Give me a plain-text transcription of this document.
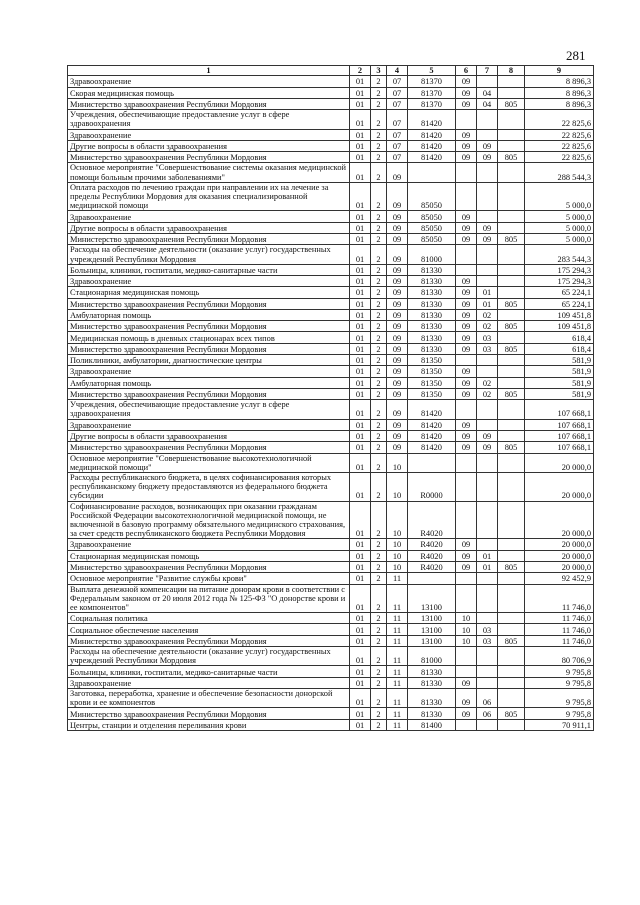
281
1	2	3	4	5	6	7	8	9
Здравоохранение	01	2	07	81370	09			8 896,3
Скорая медицинская помощь	01	2	07	81370	09	04		8 896,3
Министерство здравоохранения Республики Мордовия	01	2	07	81370	09	04	805	8 896,3
Учреждения, обеспечивающие предоставление услуг в сфере здравоохранения	01	2	07	81420				22 825,6
Здравоохранение	01	2	07	81420	09			22 825,6
Другие вопросы в области здравоохранения	01	2	07	81420	09	09		22 825,6
Министерство здравоохранения Республики Мордовия	01	2	07	81420	09	09	805	22 825,6
Основное мероприятие "Совершенствование системы оказания медицинской помощи больным прочими заболеваниями"	01	2	09					288 544,3
Оплата расходов по лечению граждан при направлении их на лечение за пределы Республики Мордовия для оказания специализированной медицинской помощи	01	2	09	85050				5 000,0
Здравоохранение	01	2	09	85050	09			5 000,0
Другие вопросы в области здравоохранения	01	2	09	85050	09	09		5 000,0
Министерство здравоохранения Республики Мордовия	01	2	09	85050	09	09	805	5 000,0
Расходы на обеспечение деятельности (оказание услуг) государственных учреждений Республики Мордовия	01	2	09	81000				283 544,3
Больницы, клиники, госпитали, медико-санитарные части	01	2	09	81330				175 294,3
Здравоохранение	01	2	09	81330	09			175 294,3
Стационарная медицинская помощь	01	2	09	81330	09	01		65 224,1
Министерство здравоохранения Республики Мордовия	01	2	09	81330	09	01	805	65 224,1
Амбулаторная помощь	01	2	09	81330	09	02		109 451,8
Министерство здравоохранения Республики Мордовия	01	2	09	81330	09	02	805	109 451,8
Медицинская помощь в дневных стационарах всех типов	01	2	09	81330	09	03		618,4
Министерство здравоохранения Республики Мордовия	01	2	09	81330	09	03	805	618,4
Поликлиники, амбулатории, диагностические центры	01	2	09	81350				581,9
Здравоохранение	01	2	09	81350	09			581,9
Амбулаторная помощь	01	2	09	81350	09	02		581,9
Министерство здравоохранения Республики Мордовия	01	2	09	81350	09	02	805	581,9
Учреждения, обеспечивающие предоставление услуг в сфере здравоохранения	01	2	09	81420				107 668,1
Здравоохранение	01	2	09	81420	09			107 668,1
Другие вопросы в области здравоохранения	01	2	09	81420	09	09		107 668,1
Министерство здравоохранения Республики Мордовия	01	2	09	81420	09	09	805	107 668,1
Основное мероприятие "Совершенствование высокотехнологичной медицинской помощи"	01	2	10					20 000,0
Расходы республиканского бюджета, в целях софинансирования которых республиканскому бюджету предоставляются из федерального бюджета субсидии	01	2	10	R0000				20 000,0
Софинансирование расходов, возникающих при оказании гражданам Российской Федерации высокотехнологичной медицинской помощи, не включенной в базовую программу обязательного медицинского страхования, за счет средств республиканского бюджета Республики Мордовия	01	2	10	R4020				20 000,0
Здравоохранение	01	2	10	R4020	09			20 000,0
Стационарная медицинская помощь	01	2	10	R4020	09	01		20 000,0
Министерство здравоохранения Республики Мордовия	01	2	10	R4020	09	01	805	20 000,0
Основное мероприятие "Развитие службы крови"	01	2	11					92 452,9
Выплата денежной компенсации на питание донорам крови в соответствии с Федеральным законом от 20 июля 2012 года № 125-ФЗ "О донорстве крови и ее компонентов"	01	2	11	13100				11 746,0
Социальная политика	01	2	11	13100	10			11 746,0
Социальное обеспечение населения	01	2	11	13100	10	03		11 746,0
Министерство здравоохранения Республики Мордовия	01	2	11	13100	10	03	805	11 746,0
Расходы на обеспечение деятельности (оказание услуг) государственных учреждений Республики Мордовия	01	2	11	81000				80 706,9
Больницы, клиники, госпитали, медико-санитарные части	01	2	11	81330				9 795,8
Здравоохранение	01	2	11	81330	09			9 795,8
Заготовка, переработка, хранение и обеспечение безопасности донорской крови и ее компонентов	01	2	11	81330	09	06		9 795,8
Министерство здравоохранения Республики Мордовия	01	2	11	81330	09	06	805	9 795,8
Центры, станции и отделения переливания крови	01	2	11	81400				70 911,1
